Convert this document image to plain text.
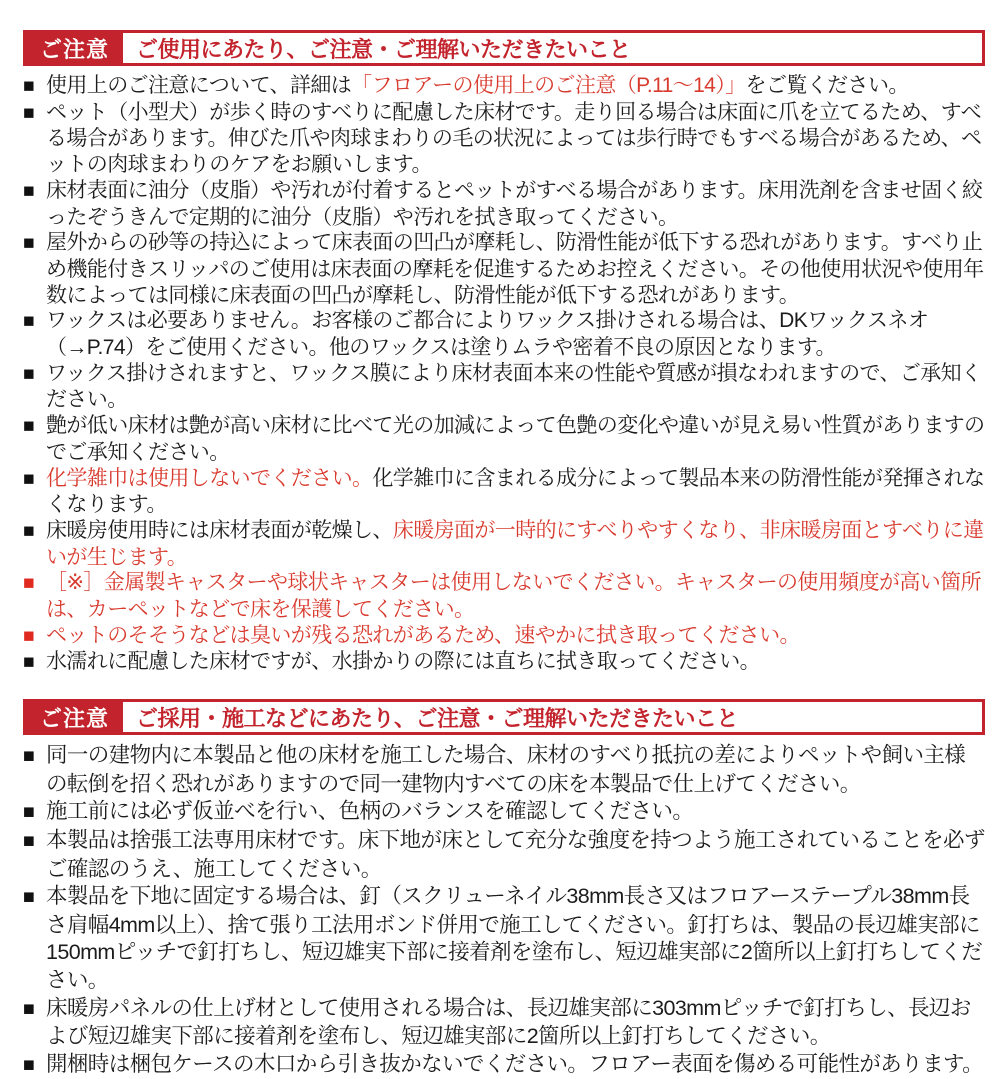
ご注意	ご使用にあたり、ご注意・ご理解いただきたいこと
■ 使用上のご注意について、詳細は「フロアーの使用上のご注意（P.11〜14）」をご覧ください。
■ ペット（小型犬）が歩く時のすべりに配慮した床材です。走り回る場合は床面に爪を立てるため、すべる場合があります。伸びた爪や肉球まわりの毛の状況によっては歩行時でもすべる場合があるため、ペットの肉球まわりのケアをお願いします。
■ 床材表面に油分（皮脂）や汚れが付着するとペットがすべる場合があります。床用洗剤を含ませ固く絞ったぞうきんで定期的に油分（皮脂）や汚れを拭き取ってください。
■ 屋外からの砂等の持込によって床表面の凹凸が摩耗し、防滑性能が低下する恐れがあります。すべり止め機能付きスリッパのご使用は床表面の摩耗を促進するためお控えください。その他使用状況や使用年数によっては同様に床表面の凹凸が摩耗し、防滑性能が低下する恐れがあります。
■ ワックスは必要ありません。お客様のご都合によりワックス掛けされる場合は、DKワックスネオ（→P.74）をご使用ください。他のワックスは塗りムラや密着不良の原因となります。
■ ワックス掛けされますと、ワックス膜により床材表面本来の性能や質感が損なわれますので、ご承知ください。
■ 艶が低い床材は艶が高い床材に比べて光の加減によって色艶の変化や違いが見え易い性質がありますのでご承知ください。
■ 化学雑巾は使用しないでください。化学雑巾に含まれる成分によって製品本来の防滑性能が発揮されなくなります。
■ 床暖房使用時には床材表面が乾燥し、床暖房面が一時的にすべりやすくなり、非床暖房面とすべりに違いが生じます。
■ ［※］金属製キャスターや球状キャスターは使用しないでください。キャスターの使用頻度が高い箇所は、カーペットなどで床を保護してください。
■ ペットのそそうなどは臭いが残る恐れがあるため、速やかに拭き取ってください。
■ 水濡れに配慮した床材ですが、水掛かりの際には直ちに拭き取ってください。
ご注意	ご採用・施工などにあたり、ご注意・ご理解いただきたいこと
■ 同一の建物内に本製品と他の床材を施工した場合、床材のすべり抵抗の差によりペットや飼い主様の転倒を招く恐れがありますので同一建物内すべての床を本製品で仕上げてください。
■ 施工前には必ず仮並べを行い、色柄のバランスを確認してください。
■ 本製品は捨張工法専用床材です。床下地が床として充分な強度を持つよう施工されていることを必ずご確認のうえ、施工してください。
■ 本製品を下地に固定する場合は、釘（スクリューネイル38mm長さ又はフロアーステープル38mm長さ肩幅4mm以上）、捨て張り工法用ボンド併用で施工してください。釘打ちは、製品の長辺雄実部に150mmピッチで釘打ちし、短辺雄実下部に接着剤を塗布し、短辺雄実部に2箇所以上釘打ちしてください。
■ 床暖房パネルの仕上げ材として使用される場合は、長辺雄実部に303mmピッチで釘打ちし、長辺および短辺雄実下部に接着剤を塗布し、短辺雄実部に2箇所以上釘打ちしてください。
■ 開梱時は梱包ケースの木口から引き抜かないでください。フロアー表面を傷める可能性があります。
